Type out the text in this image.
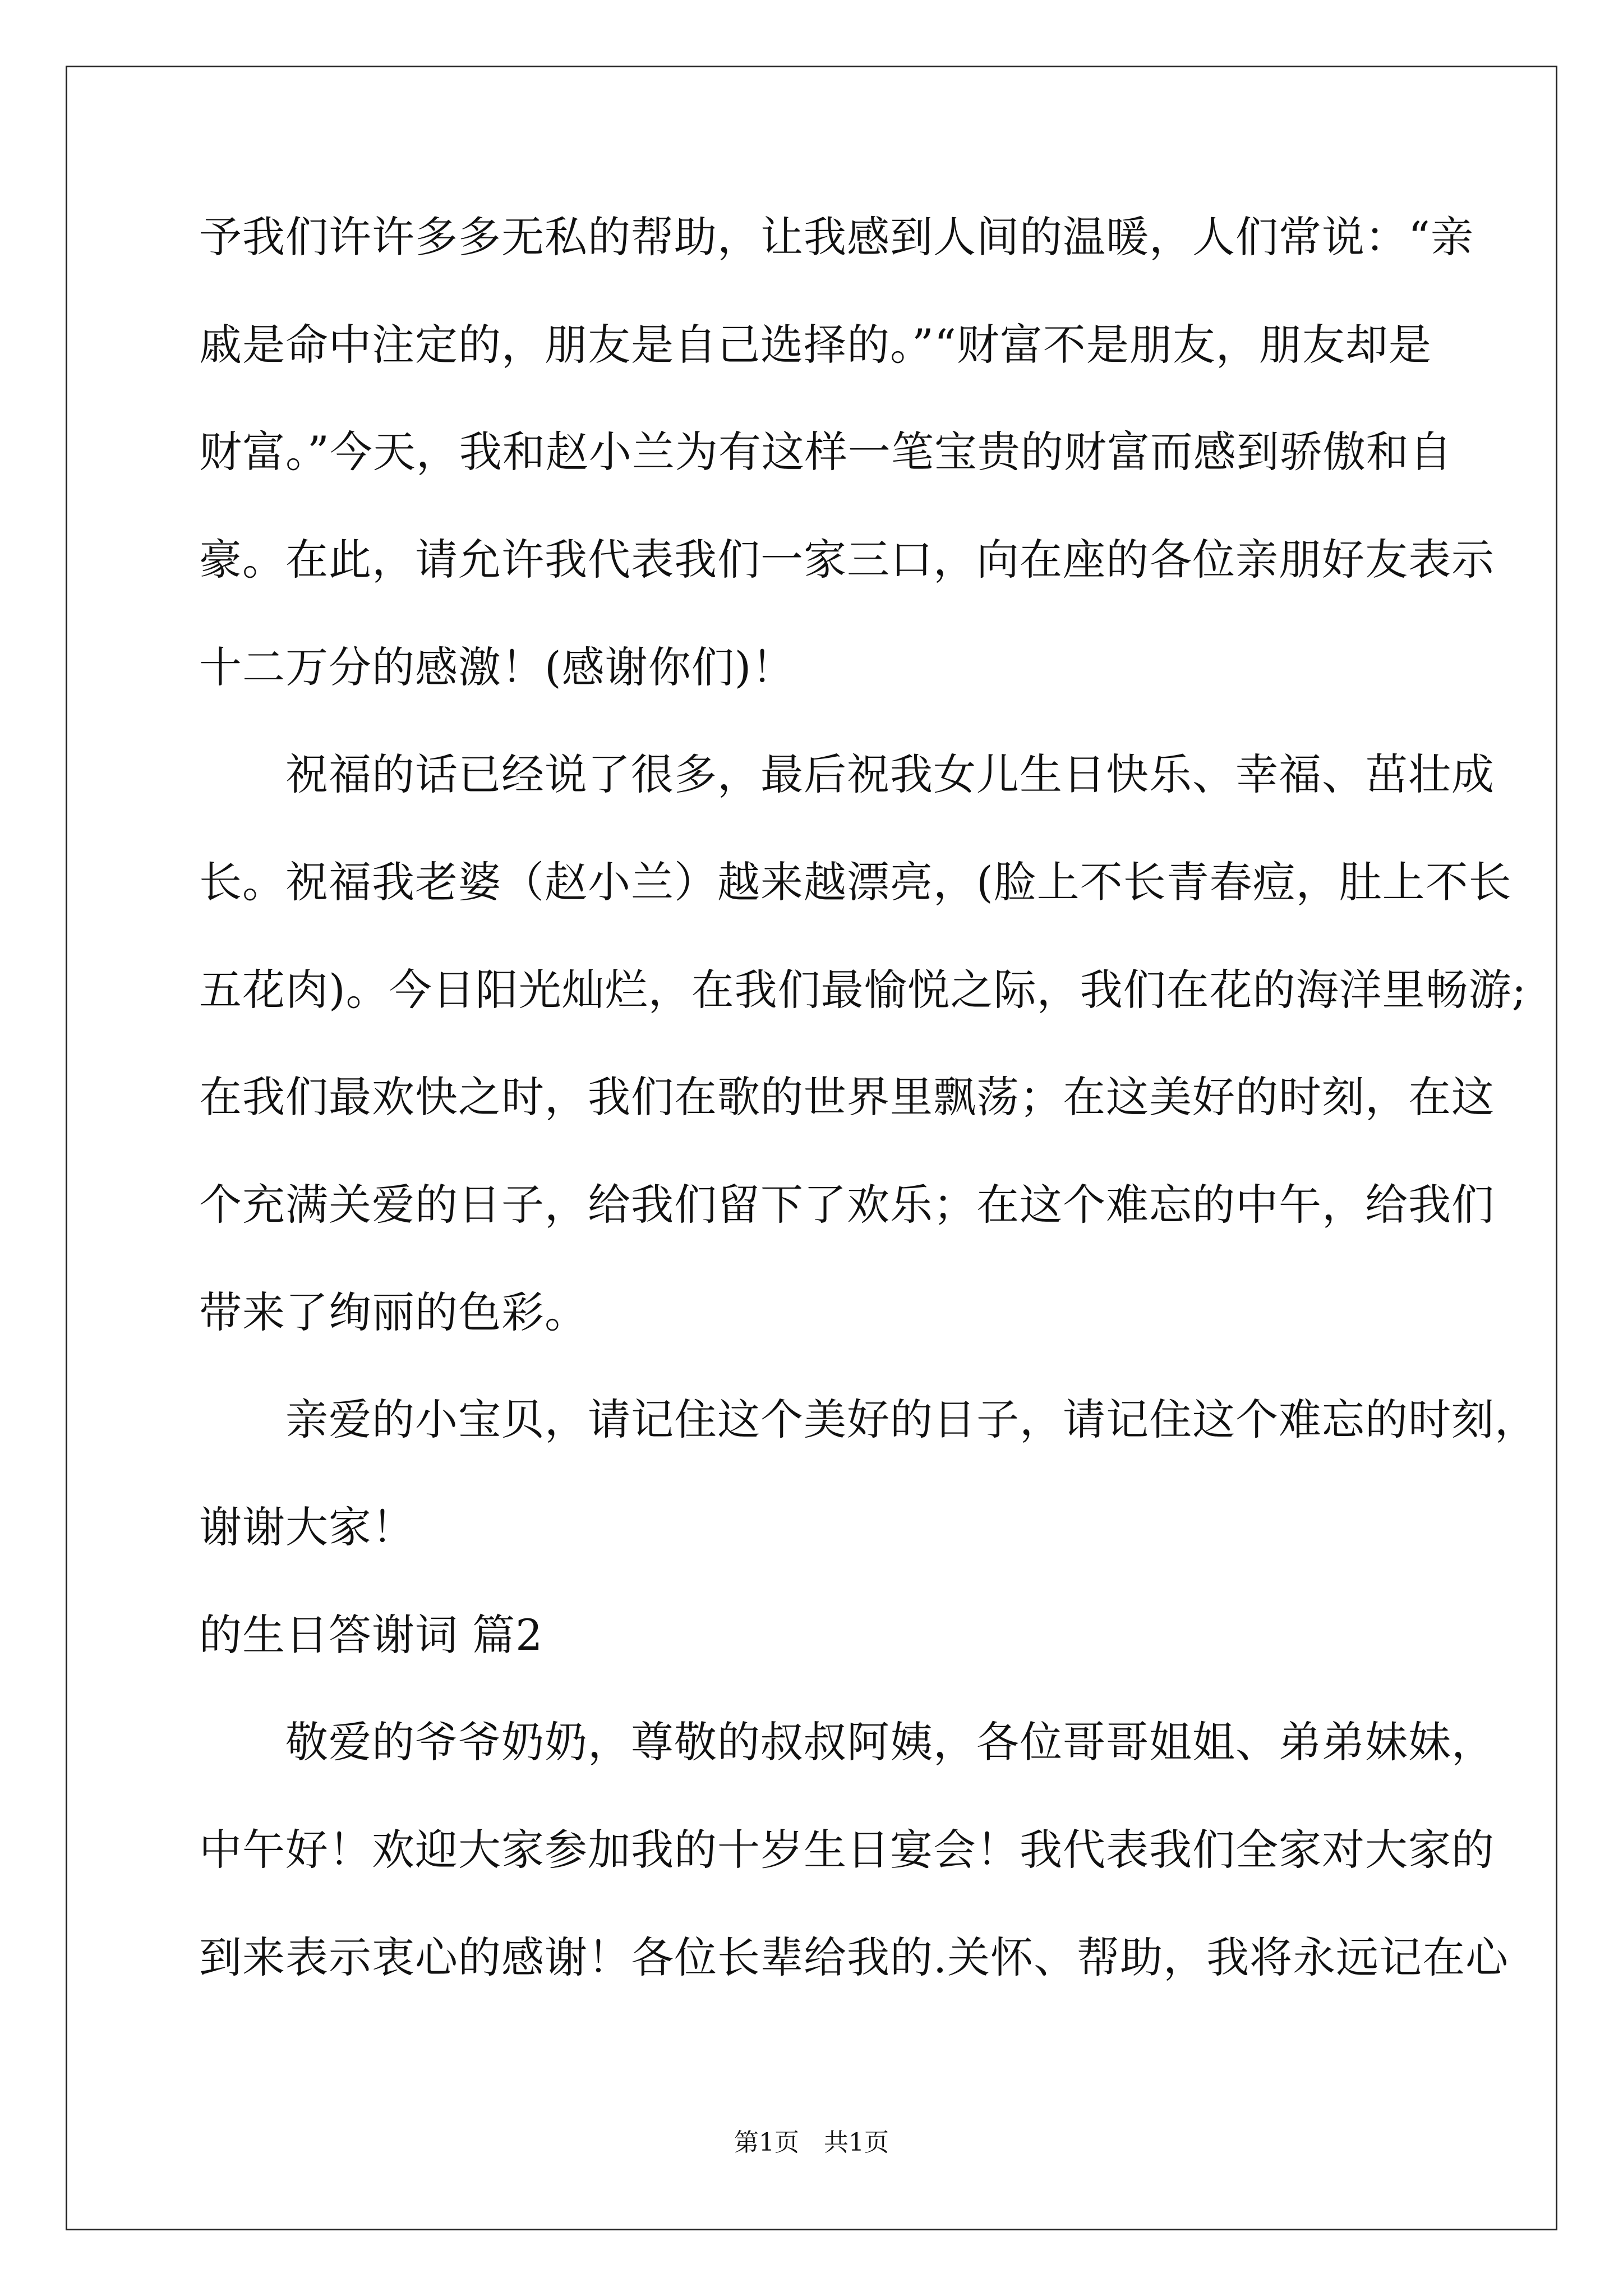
予我们许许多多无私的帮助，让我感到人间的温暖，人们常说：“亲
戚是命中注定的，朋友是自己选择的。”“财富不是朋友，朋友却是
财富。”今天，我和赵小兰为有这样一笔宝贵的财富而感到骄傲和自
豪。在此，请允许我代表我们一家三口，向在座的各位亲朋好友表示
十二万分的感激！(感谢你们)！
　　祝福的话已经说了很多，最后祝我女儿生日快乐、幸福、茁壮成
长。祝福我老婆（赵小兰）越来越漂亮，(脸上不长青春痘，肚上不长
五花肉)。今日阳光灿烂，在我们最愉悦之际，我们在花的海洋里畅游;
在我们最欢快之时，我们在歌的世界里飘荡；在这美好的时刻，在这
个充满关爱的日子，给我们留下了欢乐；在这个难忘的中午，给我们
带来了绚丽的色彩。
　　亲爱的小宝贝，请记住这个美好的日子，请记住这个难忘的时刻，
谢谢大家！
的生日答谢词 篇2
　　敬爱的爷爷奶奶，尊敬的叔叔阿姨，各位哥哥姐姐、弟弟妹妹，
中午好！欢迎大家参加我的十岁生日宴会！我代表我们全家对大家的
到来表示衷心的感谢！各位长辈给我的.关怀、帮助，我将永远记在心
第1页　共1页
